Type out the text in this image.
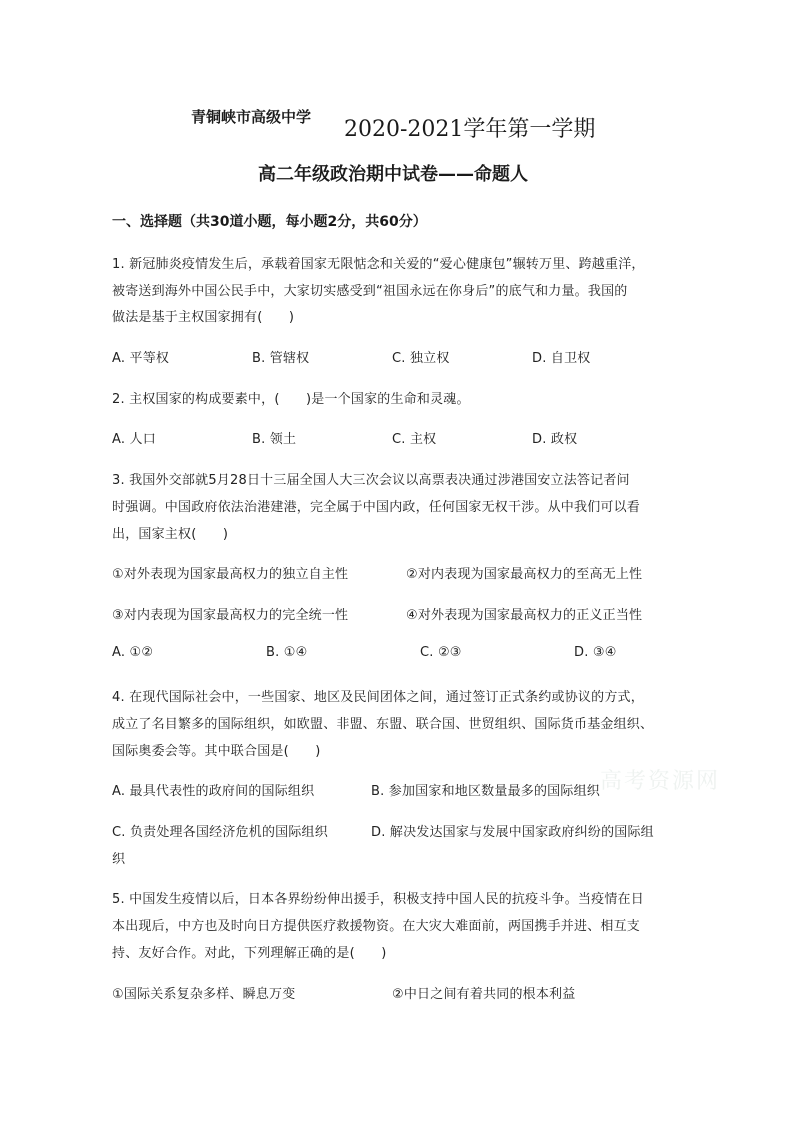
青铜峡市高级中学 2020-2021学年第一学期
高二年级政治期中试卷——命题人
一、选择题（共30道小题，每小题2分，共60分）
1. 新冠肺炎疫情发生后，承载着国家无限惦念和关爱的“爱心健康包”辗转万里、跨越重洋，
被寄送到海外中国公民手中，大家切实感受到“祖国永远在你身后”的底气和力量。我国的
做法是基于主权国家拥有(　　)
A. 平等权	B. 管辖权	C. 独立权	D. 自卫权
2. 主权国家的构成要素中，(　　)是一个国家的生命和灵魂。
A. 人口	B. 领土	C. 主权	D. 政权
3. 我国外交部就5月28日十三届全国人大三次会议以高票表决通过涉港国安立法答记者问
时强调。中国政府依法治港建港，完全属于中国内政，任何国家无权干涉。从中我们可以看
出，国家主权(　　)
①对外表现为国家最高权力的独立自主性	②对内表现为国家最高权力的至高无上性
③对内表现为国家最高权力的完全统一性	④对外表现为国家最高权力的正义正当性
A. ①②	B. ①④	C. ②③	D. ③④
4. 在现代国际社会中，一些国家、地区及民间团体之间，通过签订正式条约或协议的方式，
成立了名目繁多的国际组织，如欧盟、非盟、东盟、联合国、世贸组织、国际货币基金组织、
国际奥委会等。其中联合国是(　　)
A. 最具代表性的政府间的国际组织	B. 参加国家和地区数量最多的国际组织
C. 负责处理各国经济危机的国际组织	D. 解决发达国家与发展中国家政府纠纷的国际组
织
5. 中国发生疫情以后，日本各界纷纷伸出援手，积极支持中国人民的抗疫斗争。当疫情在日
本出现后，中方也及时向日方提供医疗救援物资。在大灾大难面前，两国携手并进、相互支
持、友好合作。对此，下列理解正确的是(　　)
①国际关系复杂多样、瞬息万变	②中日之间有着共同的根本利益
高考资源网
